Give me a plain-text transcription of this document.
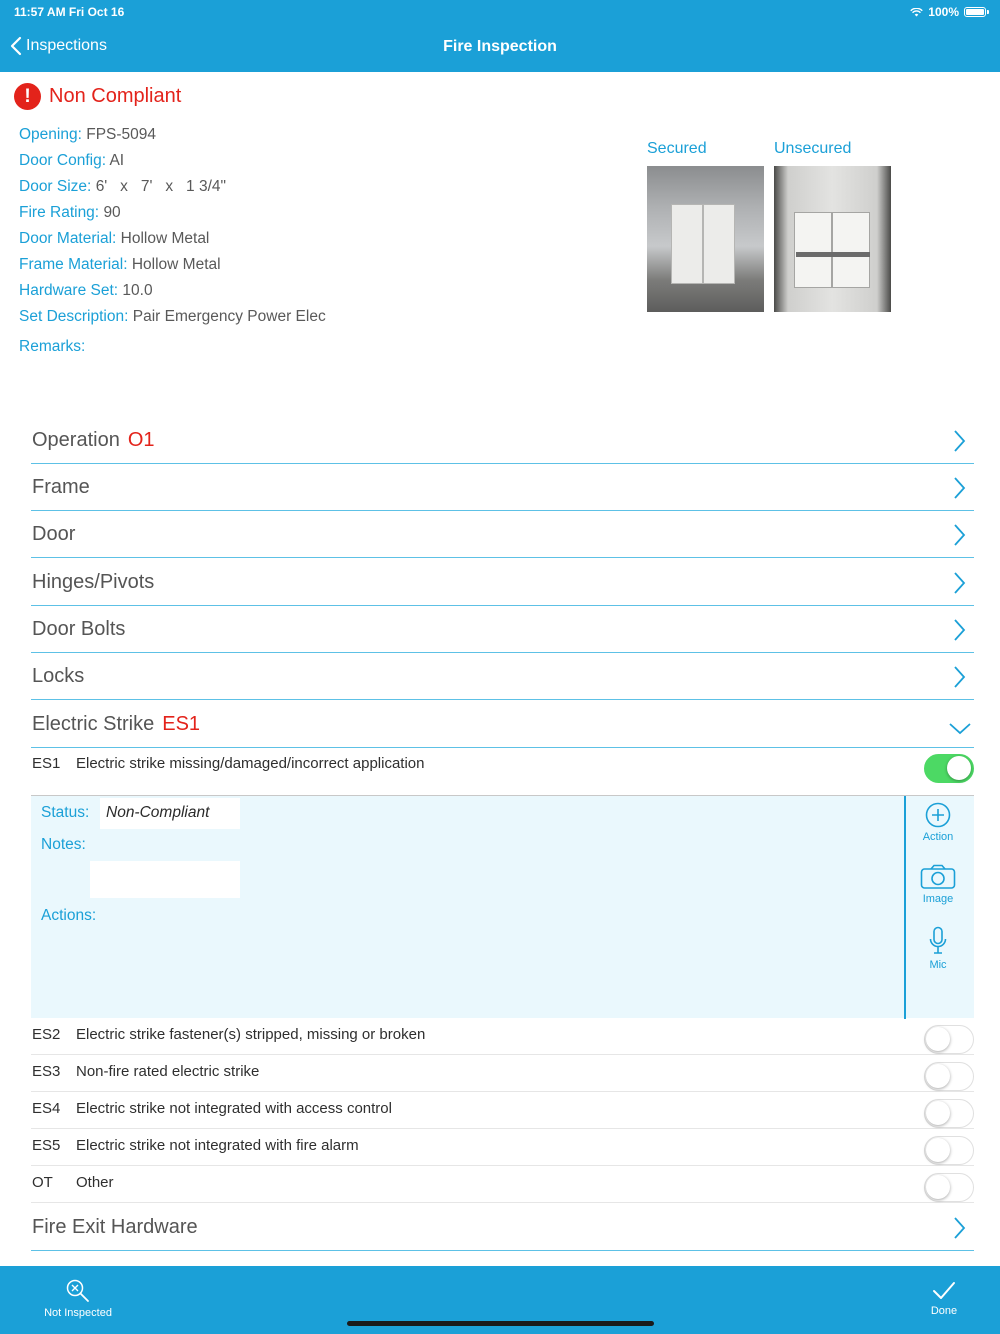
11:57 AM Fri Oct 16	100%
Inspections	Fire Inspection
! Non Compliant
Opening: FPS-5094
Door Config: AI
Door Size: 6'   x   7'   x   1 3/4"
Fire Rating: 90
Door Material: Hollow Metal
Frame Material: Hollow Metal
Hardware Set: 10.0
Set Description: Pair Emergency Power Elec
Remarks:
Secured	Unsecured
Operation O1
Frame
Door
Hinges/Pivots
Door Bolts
Locks
Electric Strike ES1
ES1 Electric strike missing/damaged/incorrect application
Status:	Non-Compliant
Notes:
Actions:
Action
Image
Mic
ES2 Electric strike fastener(s) stripped, missing or broken
ES3 Non-fire rated electric strike
ES4 Electric strike not integrated with access control
ES5 Electric strike not integrated with fire alarm
OT Other
Fire Exit Hardware
Not Inspected	Done
